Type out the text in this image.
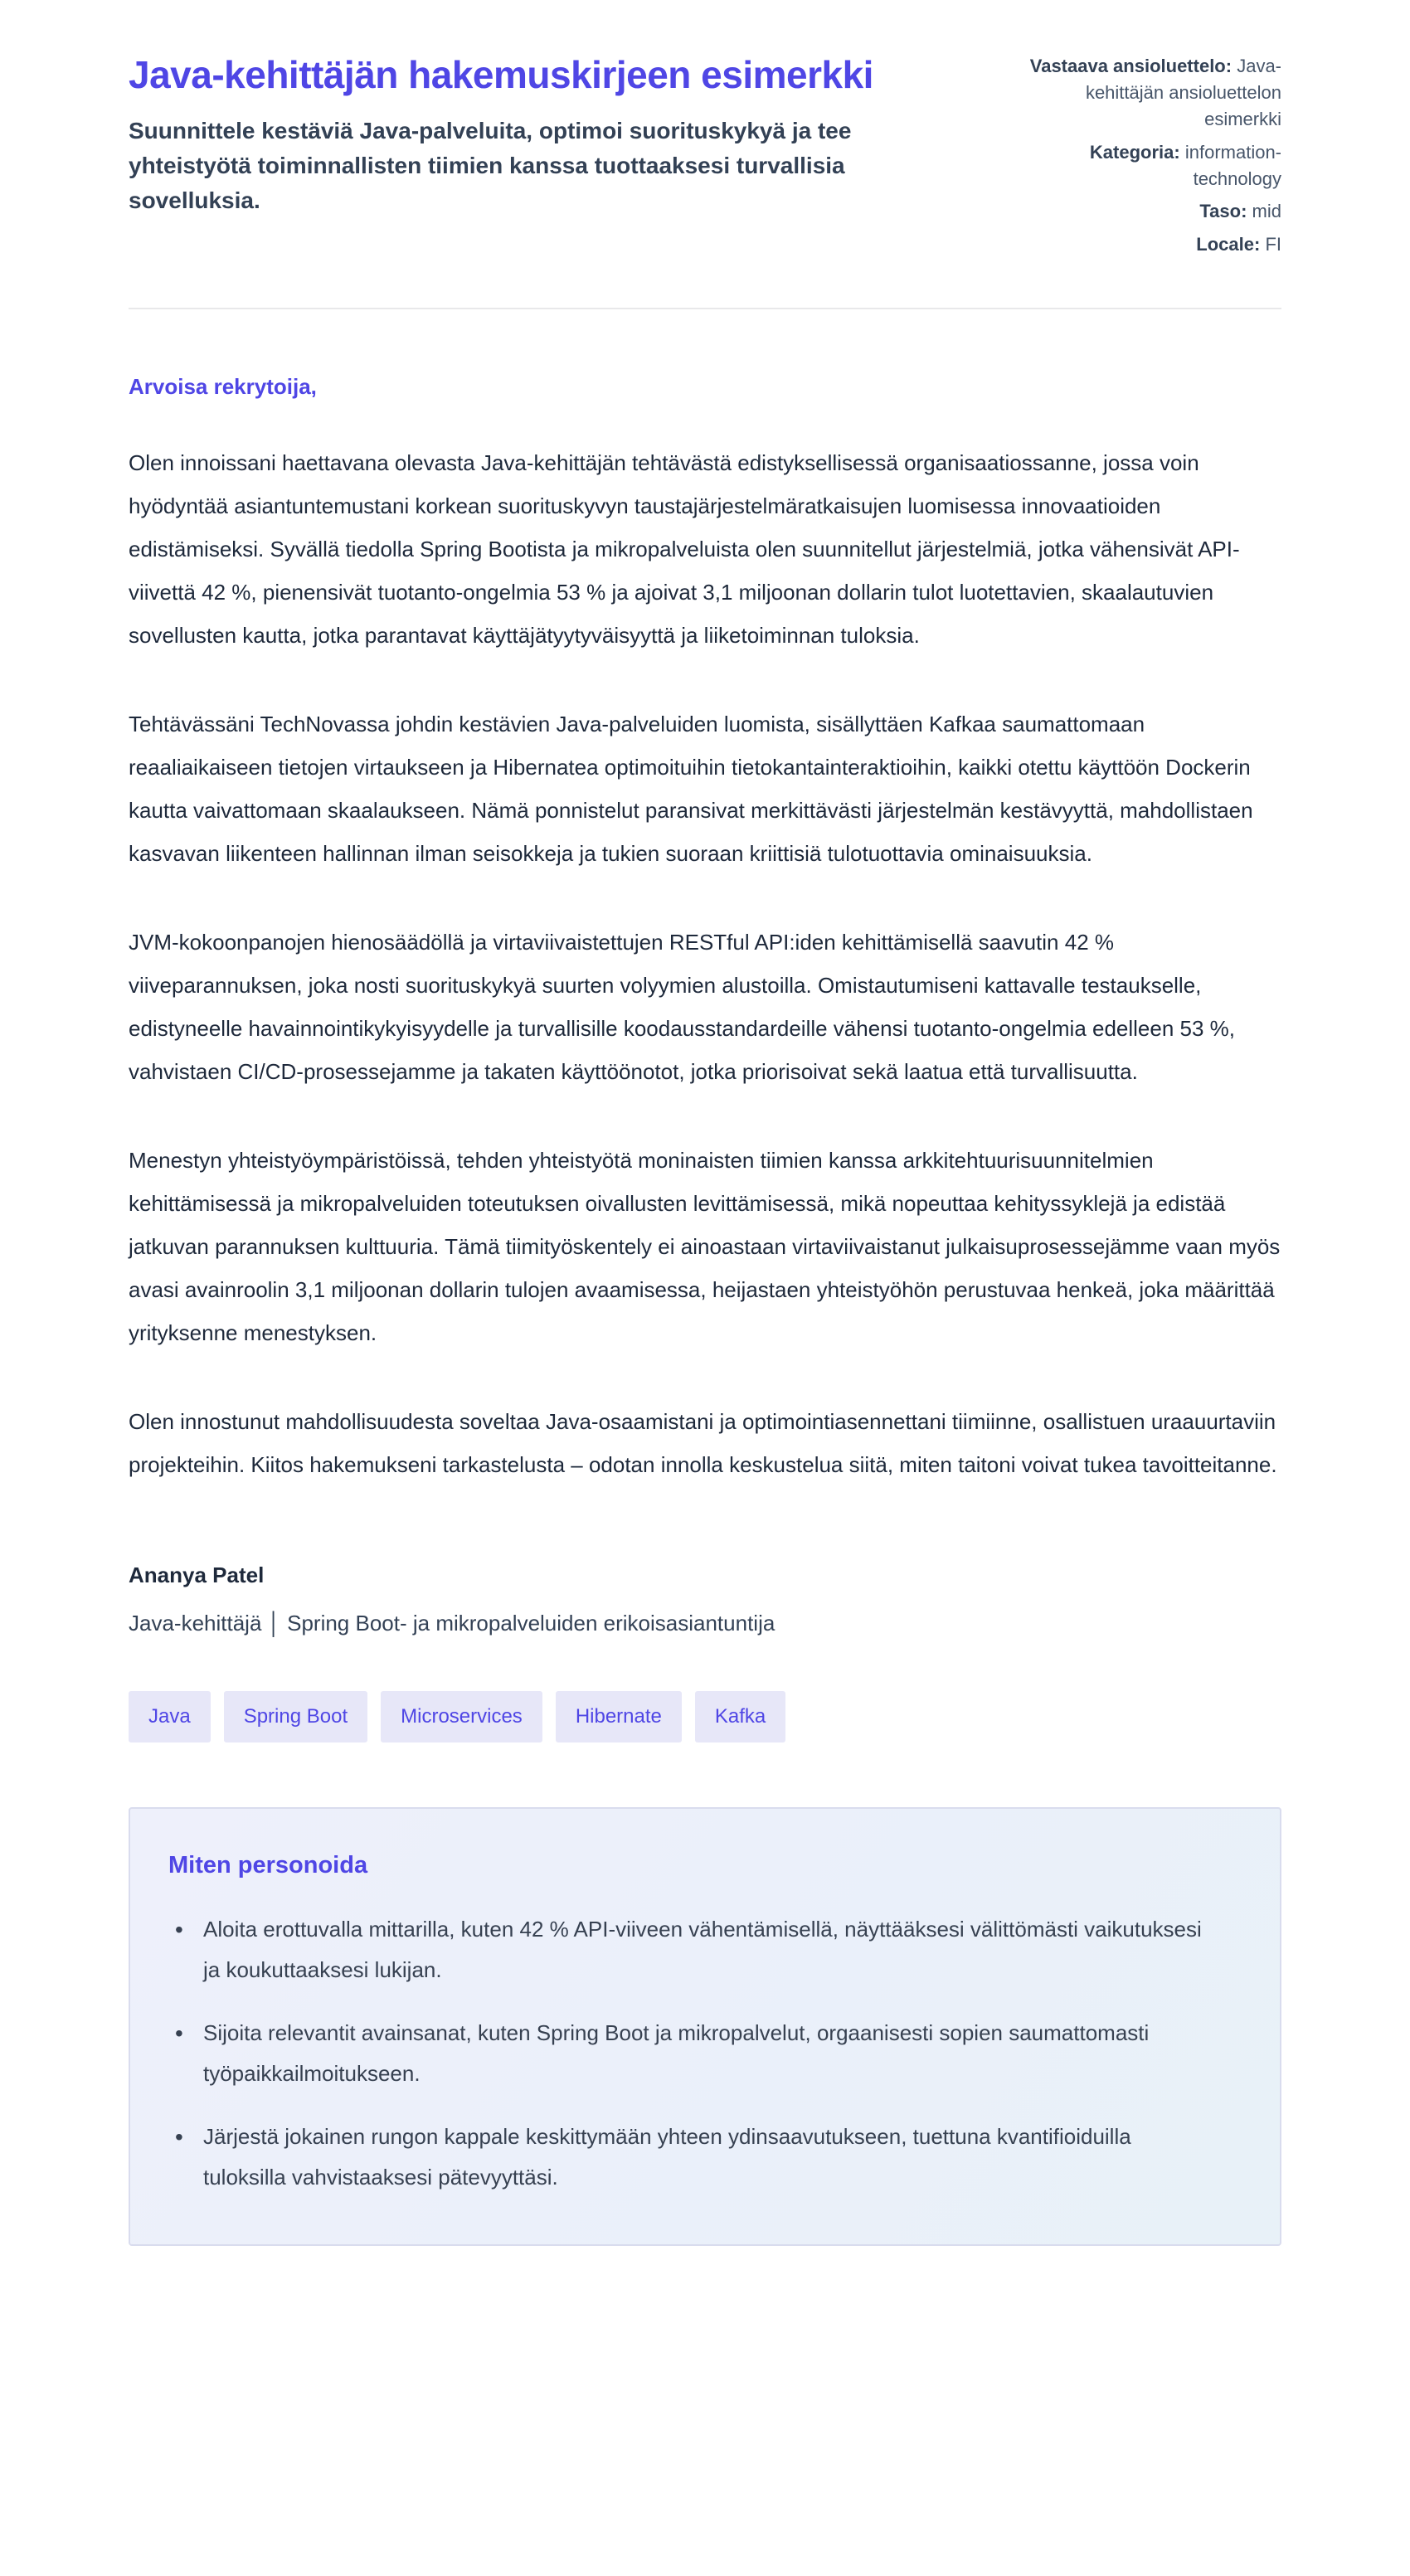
Java-kehittäjän hakemuskirjeen esimerkki
Suunnittele kestäviä Java-palveluita, optimoi suorituskykyä ja tee yhteistyötä toiminnallisten tiimien kanssa tuottaaksesi turvallisia sovelluksia.
Vastaava ansioluettelo: Java-kehittäjän ansioluettelon esimerkki
Kategoria: information-technology
Taso: mid
Locale: FI
Arvoisa rekrytoija,

Olen innoissani haettavana olevasta Java-kehittäjän tehtävästä edistyksellisessä organisaatiossanne, jossa voin hyödyntää asiantuntemustani korkean suorituskyvyn taustajärjestelmäratkaisujen luomisessa innovaatioiden edistämiseksi. Syvällä tiedolla Spring Bootista ja mikropalveluista olen suunnitellut järjestelmiä, jotka vähensivät API-viivettä 42 %, pienensivät tuotanto-ongelmia 53 % ja ajoivat 3,1 miljoonan dollarin tulot luotettavien, skaalautuvien sovellusten kautta, jotka parantavat käyttäjätyytyväisyyttä ja liiketoiminnan tuloksia.

Tehtävässäni TechNovassa johdin kestävien Java-palveluiden luomista, sisällyttäen Kafkaa saumattomaan reaaliaikaiseen tietojen virtaukseen ja Hibernatea optimoituihin tietokantainteraktioihin, kaikki otettu käyttöön Dockerin kautta vaivattomaan skaalaukseen. Nämä ponnistelut paransivat merkittävästi järjestelmän kestävyyttä, mahdollistaen kasvavan liikenteen hallinnan ilman seisokkeja ja tukien suoraan kriittisiä tulotuottavia ominaisuuksia.

JVM-kokoonpanojen hienosäädöllä ja virtaviivaistettujen RESTful API:iden kehittämisellä saavutin 42 % viiveparannuksen, joka nosti suorituskykyä suurten volyymien alustoilla. Omistautumiseni kattavalle testaukselle, edistyneelle havainnointikykyisyydelle ja turvallisille koodausstandardeille vähensi tuotanto-ongelmia edelleen 53 %, vahvistaen CI/CD-prosessejamme ja takaten käyttöönotot, jotka priorisoivat sekä laatua että turvallisuutta.

Menestyn yhteistyöympäristöissä, tehden yhteistyötä moninaisten tiimien kanssa arkkitehtuurisuunnitelmien kehittämisessä ja mikropalveluiden toteutuksen oivallusten levittämisessä, mikä nopeuttaa kehityssyklejä ja edistää jatkuvan parannuksen kulttuuria. Tämä tiimityöskentely ei ainoastaan virtaviivaistanut julkaisuprosessejämme vaan myös avasi avainroolin 3,1 miljoonan dollarin tulojen avaamisessa, heijastaen yhteistyöhön perustuvaa henkeä, joka määrittää yrityksenne menestyksen.

Olen innostunut mahdollisuudesta soveltaa Java-osaamistani ja optimointiasennettani tiimiinne, osallistuen uraauurtaviin projekteihin. Kiitos hakemukseni tarkastelusta – odotan innolla keskustelua siitä, miten taitoni voivat tukea tavoitteitanne.

Ananya Patel
Java-kehittäjä │ Spring Boot- ja mikropalveluiden erikoisasiantuntija
Java	Spring Boot	Microservices	Hibernate	Kafka
Miten personoida
• Aloita erottuvalla mittarilla, kuten 42 % API-viiveen vähentämisellä, näyttääksesi välittömästi vaikutuksesi ja koukuttaaksesi lukijan.
• Sijoita relevantit avainsanat, kuten Spring Boot ja mikropalvelut, orgaanisesti sopien saumattomasti työpaikkailmoitukseen.
• Järjestä jokainen rungon kappale keskittymään yhteen ydinsaavutukseen, tuettuna kvantifioiduilla tuloksilla vahvistaaksesi pätevyyttäsi.
